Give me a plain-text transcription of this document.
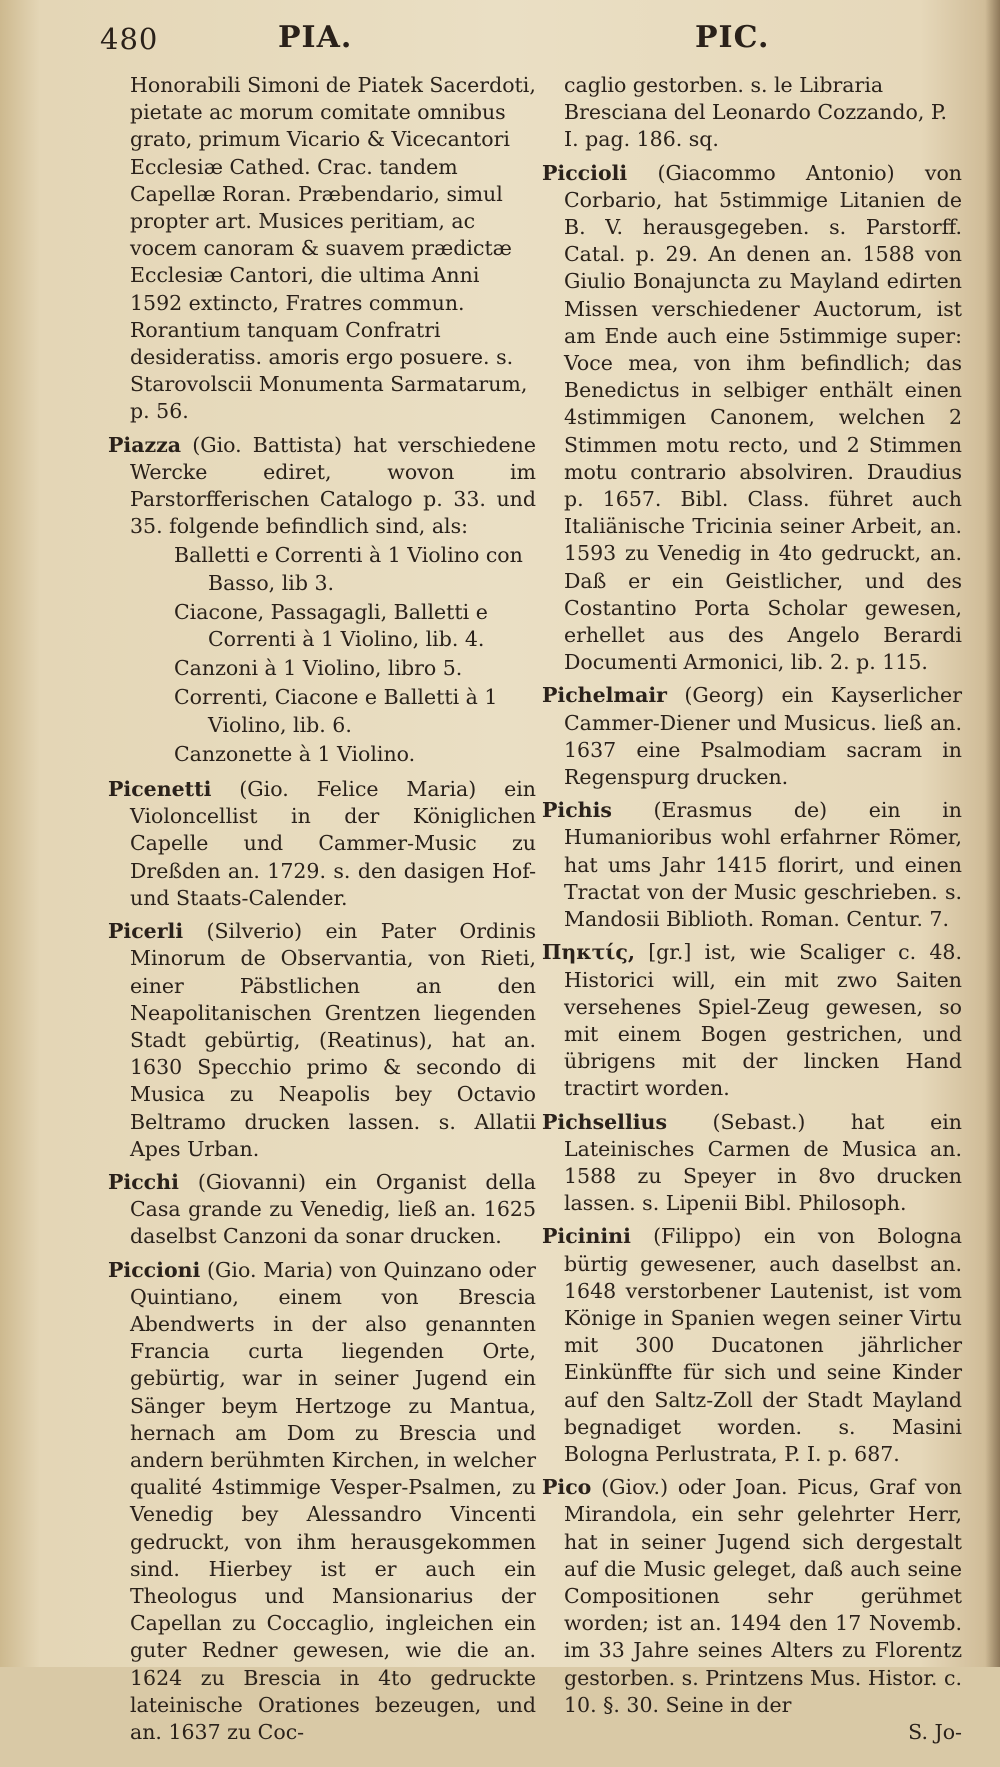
480	PIA.	PIC.

Honorabili Simoni de Piatek Sacerdoti, pietate ac morum comitate omnibus grato, primum Vicario & Vicecantori Ecclesiæ Cathed. Crac. tandem Capellæ Roran. Præbendario, simul propter art. Musices peritiam, ac vocem canoram & suavem prædictæ Ecclesiæ Cantori, die ultima Anni 1592 extincto, Fratres commun. Rorantium tanquam Confratri desideratiss. amoris ergo posuere. s. Starovolscii Monumenta Sarmatarum, p. 56.

Piazza (Gio. Battista) hat verschiedene Wercke ediret, wovon im Parstorfferischen Catalogo p. 33. und 35. folgende befindlich sind, als:

Balletti e Correnti à 1 Violino con Basso, lib 3.

Ciacone, Passagagli, Balletti e Correnti à 1 Violino, lib. 4.

Canzoni à 1 Violino, libro 5.

Correnti, Ciacone e Balletti à 1 Violino, lib. 6.

Canzonette à 1 Violino.

Picenetti (Gio. Felice Maria) ein Violoncellist in der Königlichen Capelle und Cammer-Music zu Dreßden an. 1729. s. den dasigen Hof- und Staats-Calender.

Picerli (Silverio) ein Pater Ordinis Minorum de Observantia, von Rieti, einer Päbstlichen an den Neapolitanischen Grentzen liegenden Stadt gebürtig, (Reatinus), hat an. 1630 Specchio primo & secondo di Musica zu Neapolis bey Octavio Beltramo drucken lassen. s. Allatii Apes Urban.

Picchi (Giovanni) ein Organist della Casa grande zu Venedig, ließ an. 1625 daselbst Canzoni da sonar drucken.

Piccioni (Gio. Maria) von Quinzano oder Quintiano, einem von Brescia Abendwerts in der also genannten Francia curta liegenden Orte, gebürtig, war in seiner Jugend ein Sänger beym Hertzoge zu Mantua, hernach am Dom zu Brescia und andern berühmten Kirchen, in welcher qualité 4stimmige Vesper-Psalmen, zu Venedig bey Alessandro Vincenti gedruckt, von ihm herausgekommen sind. Hierbey ist er auch ein Theologus und Mansionarius der Capellan zu Coccaglio, ingleichen ein guter Redner gewesen, wie die an. 1624 zu Brescia in 4to gedruckte lateinische Orationes bezeugen, und an. 1637 zu Coc-

caglio gestorben. s. le Libraria Bresciana del Leonardo Cozzando, P. I. pag. 186. sq.

Piccioli (Giacommo Antonio) von Corbario, hat 5stimmige Litanien de B. V. herausgegeben. s. Parstorff. Catal. p. 29. An denen an. 1588 von Giulio Bonajuncta zu Mayland edirten Missen verschiedener Auctorum, ist am Ende auch eine 5stimmige super: Voce mea, von ihm befindlich; das Benedictus in selbiger enthält einen 4stimmigen Canonem, welchen 2 Stimmen motu recto, und 2 Stimmen motu contrario absolviren. Draudius p. 1657. Bibl. Class. führet auch Italiänische Tricinia seiner Arbeit, an. 1593 zu Venedig in 4to gedruckt, an. Daß er ein Geistlicher, und des Costantino Porta Scholar gewesen, erhellet aus des Angelo Berardi Documenti Armonici, lib. 2. p. 115.

Pichelmair (Georg) ein Kayserlicher Cammer-Diener und Musicus. ließ an. 1637 eine Psalmodiam sacram in Regenspurg drucken.

Pichis (Erasmus de) ein in Humanioribus wohl erfahrner Römer, hat ums Jahr 1415 florirt, und einen Tractat von der Music geschrieben. s. Mandosii Biblioth. Roman. Centur. 7.

Πηκτίς, [gr.] ist, wie Scaliger c. 48. Historici will, ein mit zwo Saiten versehenes Spiel-Zeug gewesen, so mit einem Bogen gestrichen, und übrigens mit der lincken Hand tractirt worden.

Pichsellius (Sebast.) hat ein Lateinisches Carmen de Musica an. 1588 zu Speyer in 8vo drucken lassen. s. Lipenii Bibl. Philosoph.

Picinini (Filippo) ein von Bologna bürtig gewesener, auch daselbst an. 1648 verstorbener Lautenist, ist vom Könige in Spanien wegen seiner Virtu mit 300 Ducatonen jährlicher Einkünffte für sich und seine Kinder auf den Saltz-Zoll der Stadt Mayland begnadiget worden. s. Masini Bologna Perlustrata, P. I. p. 687.

Pico (Giov.) oder Joan. Picus, Graf von Mirandola, ein sehr gelehrter Herr, hat in seiner Jugend sich dergestalt auf die Music geleget, daß auch seine Compositionen sehr gerühmet worden; ist an. 1494 den 17 Novemb. im 33 Jahre seines Alters zu Florentz gestorben. s. Printzens Mus. Histor. c. 10. §. 30. Seine in der

S. Jo-
